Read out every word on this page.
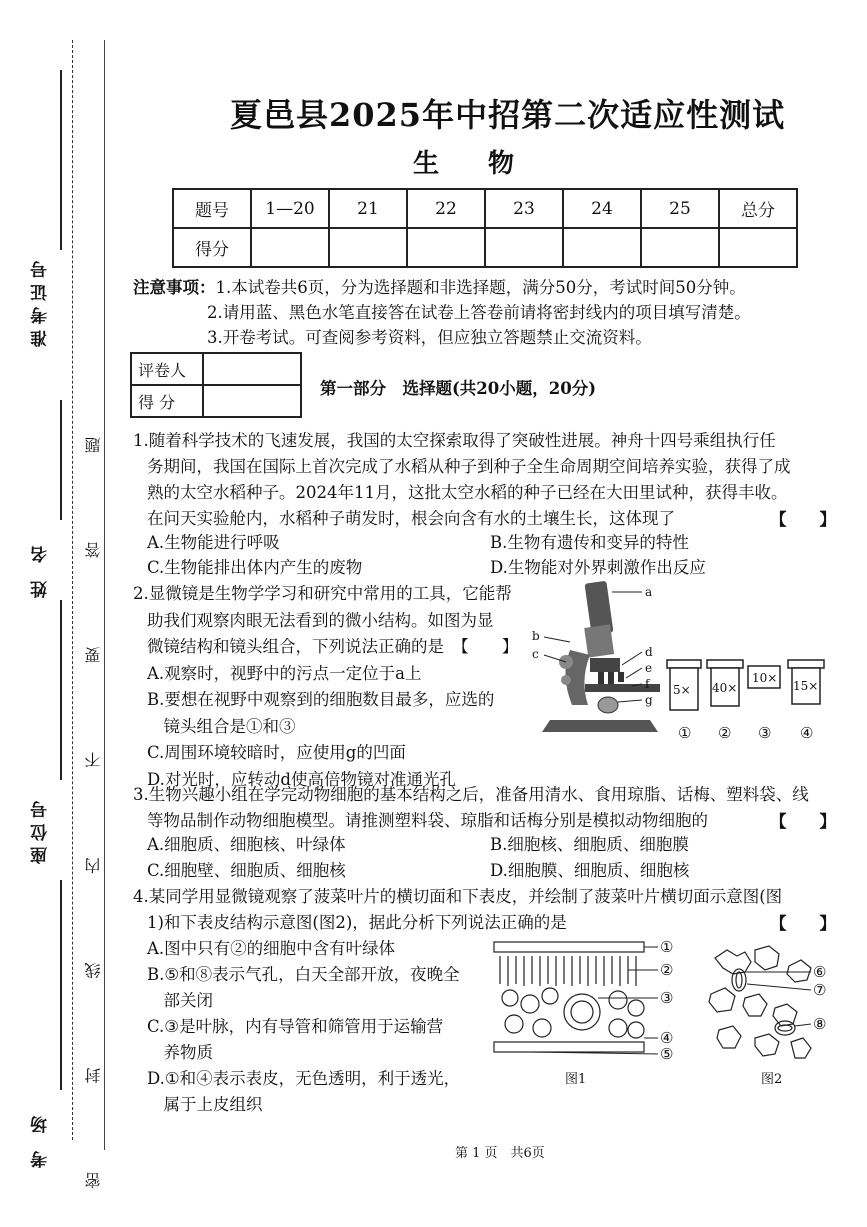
准考证号
姓名
座位号
考场 密 封 线 内 不 要 答 题
夏邑县2025年中招第二次适应性测试
生 物
题号	1—20	21	22	23	24	25	总分
得分							
注意事项：1.本试卷共6页，分为选择题和非选择题，满分50分，考试时间50分钟。
2.请用蓝、黑色水笔直接答在试卷上答卷前请将密封线内的项目填写清楚。
3.开卷考试。可查阅参考资料，但应独立答题禁止交流资料。
评卷人	
得 分	
第一部分　选择题(共20小题，20分)
1.随着科学技术的飞速发展，我国的太空探索取得了突破性进展。神舟十四号乘组执行任
务期间，我国在国际上首次完成了水稻从种子到种子全生命周期空间培养实验，获得了成
熟的太空水稻种子。2024年11月，这批太空水稻的种子已经在大田里试种，获得丰收。
在问天实验舱内，水稻种子萌发时，根会向含有水的土壤生长，这体现了	【　　】
A.生物能进行呼吸	B.生物有遗传和变异的特性
C.生物能排出体内产生的废物	D.生物能对外界刺激作出反应
2.显微镜是生物学学习和研究中常用的工具，它能帮
助我们观察肉眼无法看到的微小结构。如图为显
微镜结构和镜头组合，下列说法正确的是　【　　】
A.观察时，视野中的污点一定位于a上
B.要想在视野中观察到的细胞数目最多，应选的
　镜头组合是①和③
C.周围环境较暗时，应使用g的凹面
D.对光时，应转动d使高倍物镜对准通光孔
a
b
c	d
e
f
g
5×
①
40×
②
10×
③
15×
④
3.生物兴趣小组在学完动物细胞的基本结构之后，准备用清水、食用琼脂、话梅、塑料袋、线
等物品制作动物细胞模型。请推测塑料袋、琼脂和话梅分别是模拟动物细胞的	【　　】
A.细胞质、细胞核、叶绿体	B.细胞核、细胞质、细胞膜
C.细胞壁、细胞质、细胞核	D.细胞膜、细胞质、细胞核
4.某同学用显微镜观察了菠菜叶片的横切面和下表皮，并绘制了菠菜叶片横切面示意图(图
1)和下表皮结构示意图(图2)，据此分析下列说法正确的是	【　　】
A.图中只有②的细胞中含有叶绿体
B.⑤和⑧表示气孔，白天全部开放，夜晚全
　部关闭
C.③是叶脉，内有导管和筛管用于运输营
　养物质
D.①和④表示表皮，无色透明，利于透光，
　属于上皮组织
①
②
③
④
⑤
图1
⑥
⑦
⑧
图2
第 1 页　共6页
